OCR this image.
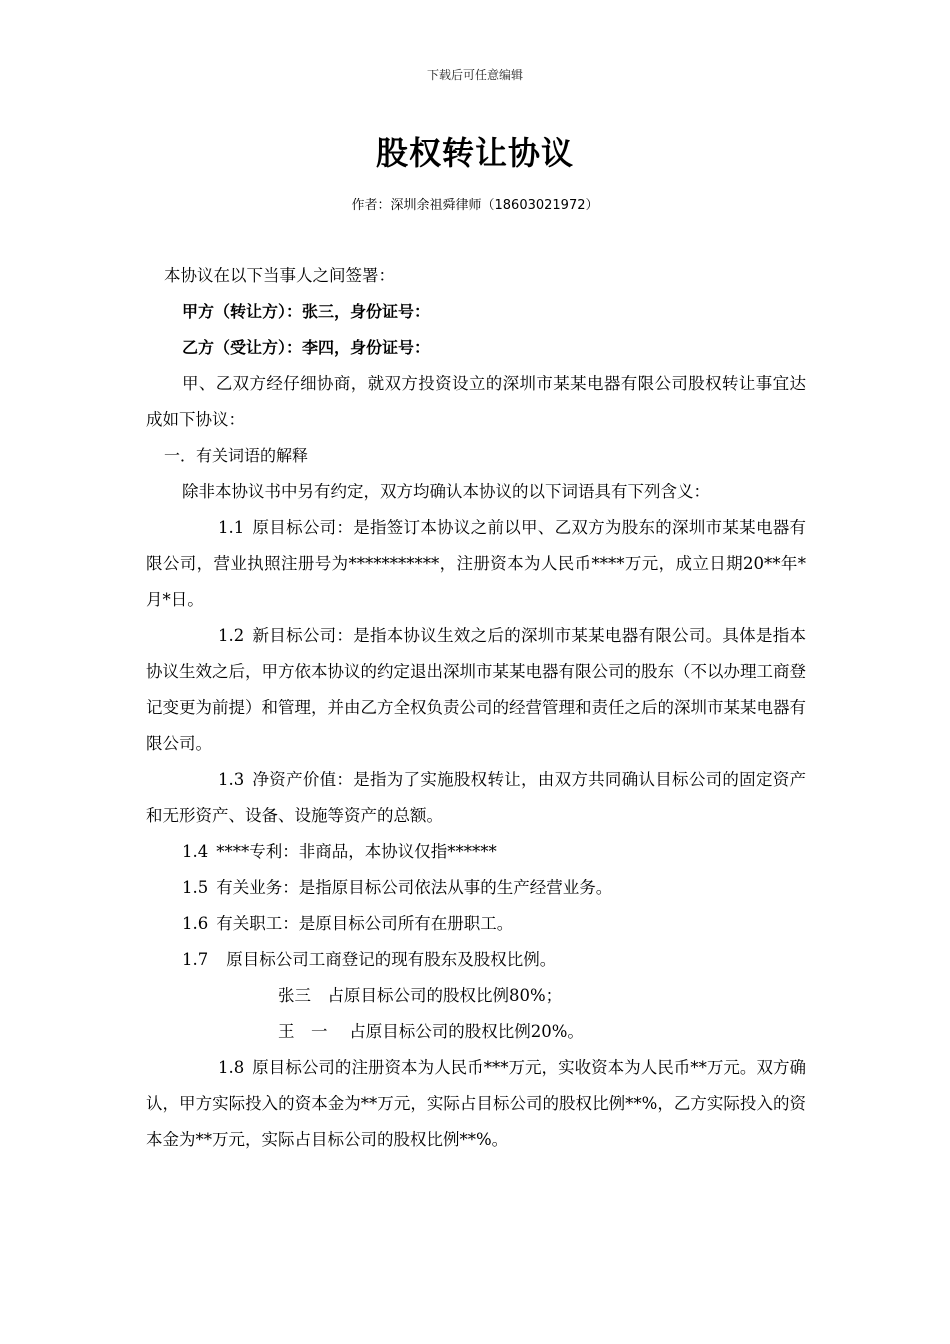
下载后可任意编辑
股权转让协议
作者：深圳余祖舜律师（18603021972）

本协议在以下当事人之间签署：

甲方（转让方）：张三，身份证号：

乙方（受让方）：李四，身份证号：

甲、乙双方经仔细协商，就双方投资设立的深圳市某某电器有限公司股权转让事宜达成如下协议：

一．有关词语的解释

除非本协议书中另有约定，双方均确认本协议的以下词语具有下列含义：

1.1 原目标公司：是指签订本协议之前以甲、乙双方为股东的深圳市某某电器有限公司，营业执照注册号为***********，注册资本为人民币****万元，成立日期20**年*月*日。

1.2 新目标公司：是指本协议生效之后的深圳市某某电器有限公司。具体是指本协议生效之后，甲方依本协议的约定退出深圳市某某电器有限公司的股东（不以办理工商登记变更为前提）和管理，并由乙方全权负责公司的经营管理和责任之后的深圳市某某电器有限公司。

1.3 净资产价值：是指为了实施股权转让，由双方共同确认目标公司的固定资产和无形资产、设备、设施等资产的总额。

1.4 ****专利：非商品，本协议仅指******

1.5 有关业务：是指原目标公司依法从事的生产经营业务。

1.6 有关职工：是原目标公司所有在册职工。

1.7 原目标公司工商登记的现有股东及股权比例。

张三　占原目标公司的股权比例80%；

王　一　 占原目标公司的股权比例20%。

1.8 原目标公司的注册资本为人民币***万元，实收资本为人民币**万元。双方确认，甲方实际投入的资本金为**万元，实际占目标公司的股权比例**%，乙方实际投入的资本金为**万元，实际占目标公司的股权比例**%。
